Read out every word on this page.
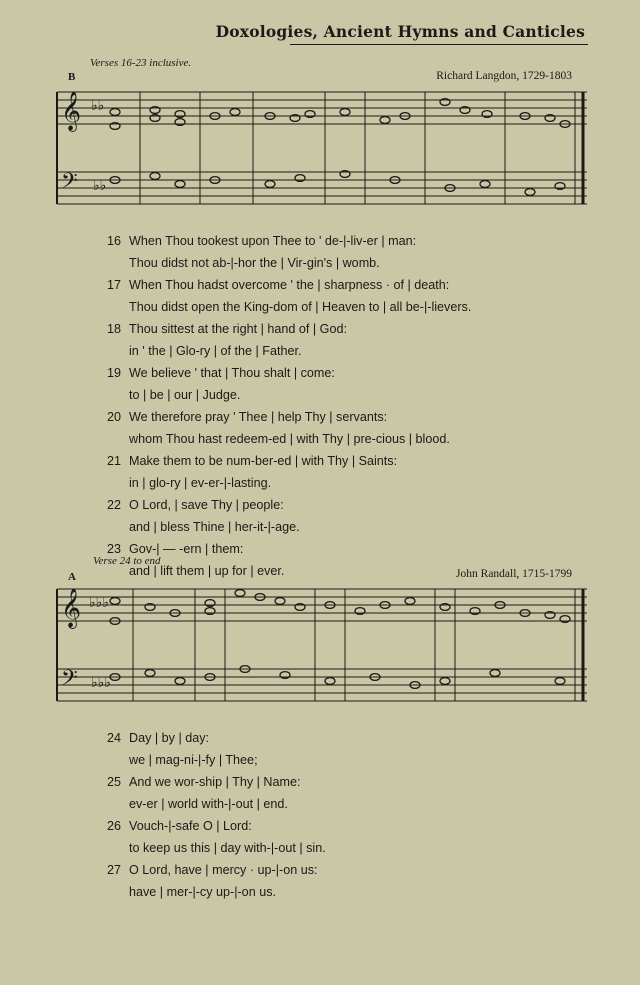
Doxologies, Ancient Hymns and Canticles
Verses 16-23 inclusive.
B	Richard Langdon, 1729-1803
𝄞
𝄢
♭♭
♭♭
16 When Thou tookest upon Thee to ' de-|-liv-er | man:
Thou didst not ab-|-hor the | Vir-gin's | womb.
17 When Thou hadst overcome ' the | sharpness · of | death:
Thou didst open the King-dom of | Heaven to | all be-|-lievers.
18 Thou sittest at the right | hand of | God:
in ' the | Glo-ry | of the | Father.
19 We believe ' that | Thou shalt | come:
to | be | our | Judge.
20 We therefore pray ' Thee | help Thy | servants:
whom Thou hast redeem-ed | with Thy | pre-cious | blood.
21 Make them to be num-ber-ed | with Thy | Saints:
in | glo-ry | ev-er-|-lasting.
22 O Lord, | save Thy | people:
and | bless Thine | her-it-|-age.
23 Gov-| — -ern | them:
and | lift them | up for | ever.
Verse 24 to end
A	John Randall, 1715-1799
𝄞
𝄢
♭♭♭
♭♭♭
24 Day | by | day:
we | mag-ni-|-fy | Thee;
25 And we wor-ship | Thy | Name:
ev-er | world with-|-out | end.
26 Vouch-|-safe O | Lord:
to keep us this | day with-|-out | sin.
27 O Lord, have | mercy · up-|-on us:
have | mer-|-cy up-|-on us.
